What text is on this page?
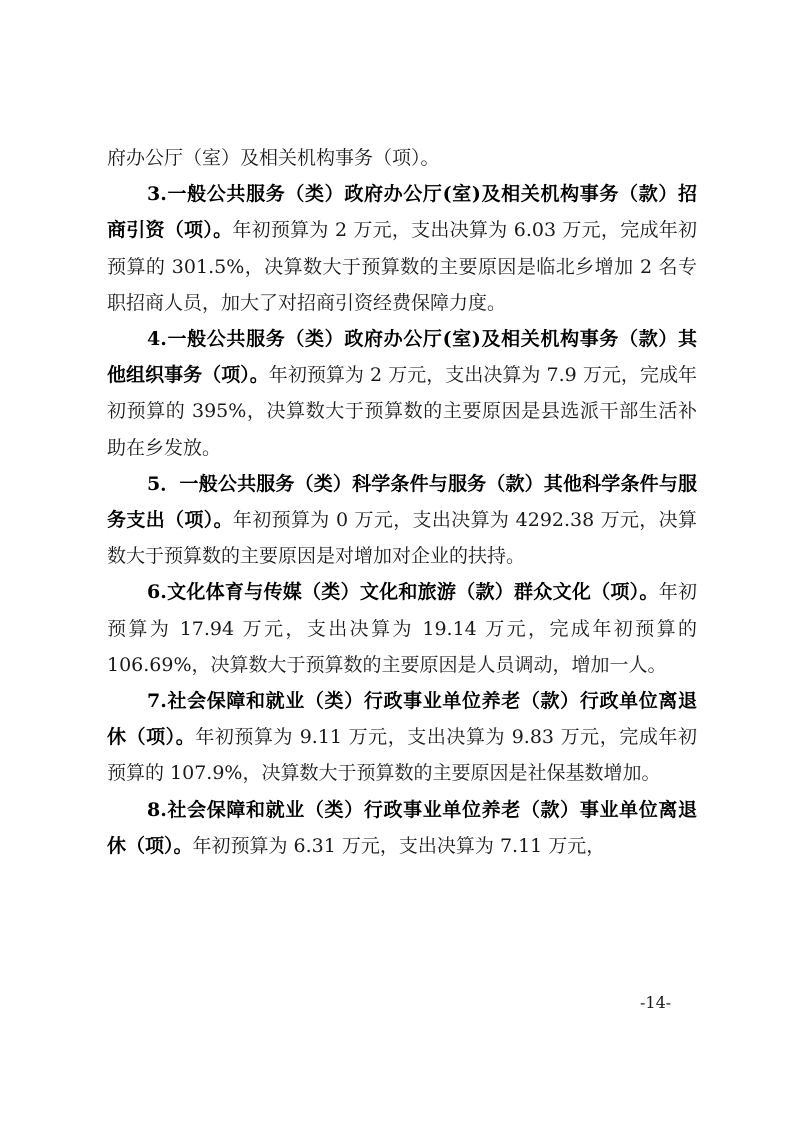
府办公厅（室）及相关机构事务（项）。

3.一般公共服务（类）政府办公厅(室)及相关机构事务（款）招商引资（项）。年初预算为 2 万元，支出决算为 6.03 万元，完成年初预算的 301.5%，决算数大于预算数的主要原因是临北乡增加 2 名专职招商人员，加大了对招商引资经费保障力度。

4.一般公共服务（类）政府办公厅(室)及相关机构事务（款）其他组织事务（项）。年初预算为 2 万元，支出决算为 7.9 万元，完成年初预算的 395%，决算数大于预算数的主要原因是县选派干部生活补助在乡发放。

5．一般公共服务（类）科学条件与服务（款）其他科学条件与服务支出（项）。年初预算为 0 万元，支出决算为 4292.38 万元，决算数大于预算数的主要原因是对增加对企业的扶持。

6.文化体育与传媒（类）文化和旅游（款）群众文化（项）。年初预算为 17.94 万元，支出决算为 19.14 万元，完成年初预算的 106.69%，决算数大于预算数的主要原因是人员调动，增加一人。

7.社会保障和就业（类）行政事业单位养老（款）行政单位离退休（项）。年初预算为 9.11 万元，支出决算为 9.83 万元，完成年初预算的 107.9%，决算数大于预算数的主要原因是社保基数增加。

8.社会保障和就业（类）行政事业单位养老（款）事业单位离退休（项）。年初预算为 6.31 万元，支出决算为 7.11 万元，

-14-
